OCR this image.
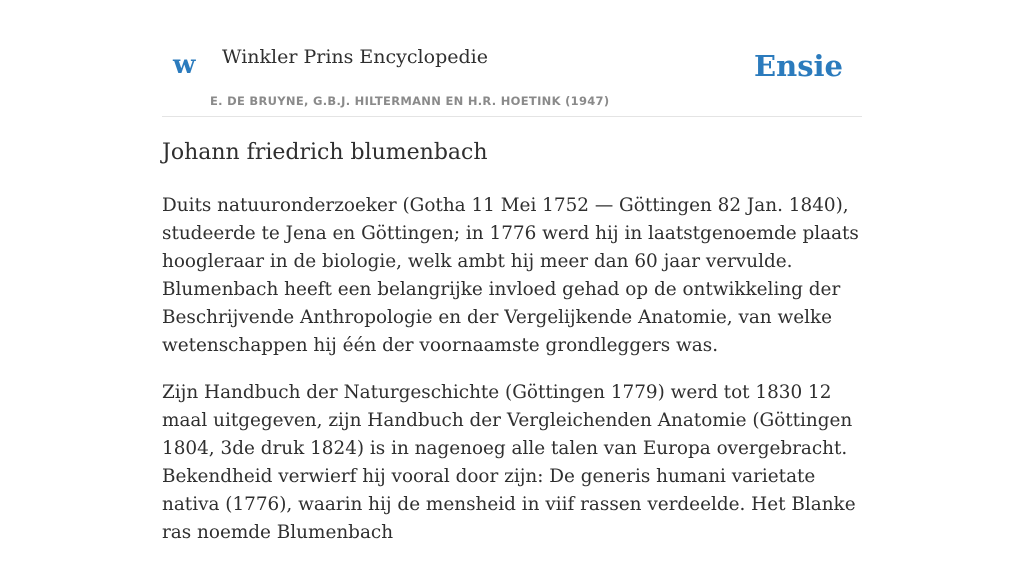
w Winkler Prins Encyclopedie
E. DE BRUYNE, G.B.J. HILTERMANN EN H.R. HOETINK (1947)
Ensie
Johann friedrich blumenbach

Duits natuuronderzoeker (Gotha 11 Mei 1752 — Göttingen 82 Jan. 1840), studeerde te Jena en Göttingen; in 1776 werd hij in laatstgenoemde plaats hoogleraar in de biologie, welk ambt hij meer dan 60 jaar vervulde. Blumenbach heeft een belangrijke invloed gehad op de ontwikkeling der Beschrijvende Anthropologie en der Vergelijkende Anatomie, van welke wetenschappen hij één der voornaamste grondleggers was.

Zijn Handbuch der Naturgeschichte (Göttingen 1779) werd tot 1830 12 maal uitgegeven, zijn Handbuch der Vergleichenden Anatomie (Göttingen 1804, 3de druk 1824) is in nagenoeg alle talen van Europa overgebracht. Bekendheid verwierf hij vooral door zijn: De generis humani varietate nativa (1776), waarin hij de mensheid in viif rassen verdeelde. Het Blanke ras noemde Blumenbach
